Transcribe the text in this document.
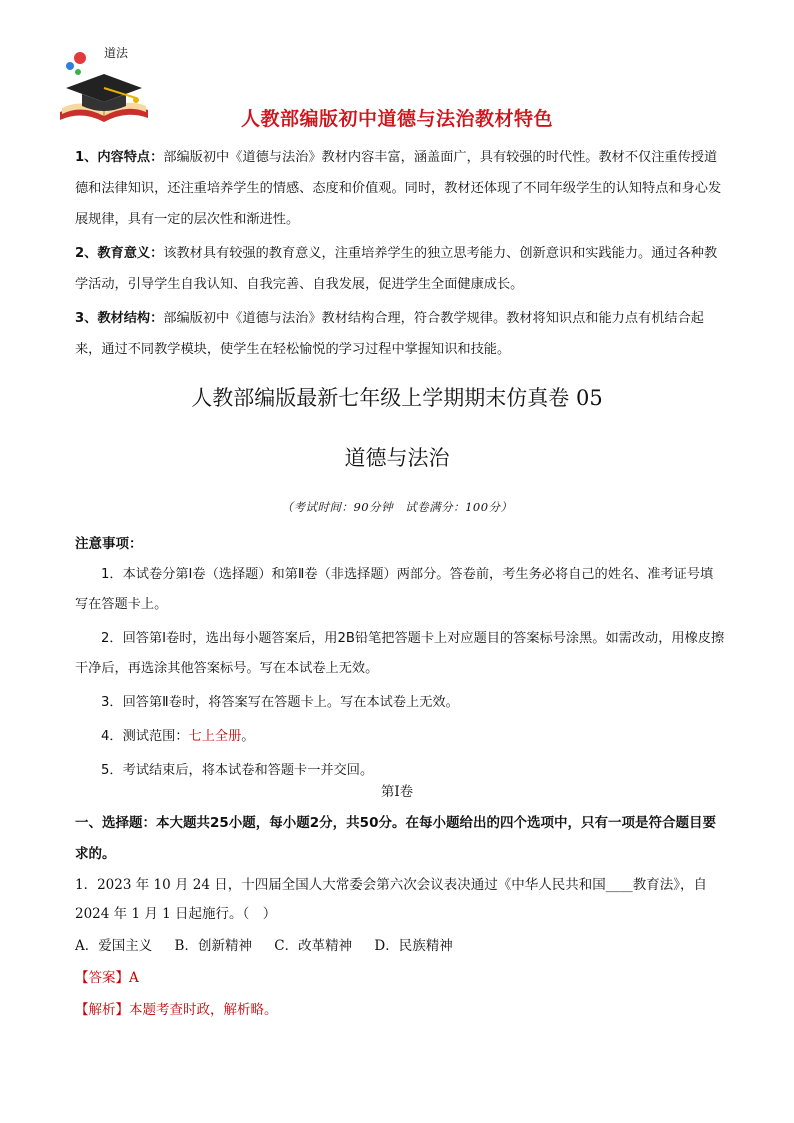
道法
人教部编版初中道德与法治教材特色

1、内容特点：部编版初中《道德与法治》教材内容丰富，涵盖面广，具有较强的时代性。教材不仅注重传授道德和法律知识，还注重培养学生的情感、态度和价值观。同时，教材还体现了不同年级学生的认知特点和身心发展规律，具有一定的层次性和渐进性。

2、教育意义：该教材具有较强的教育意义，注重培养学生的独立思考能力、创新意识和实践能力。通过各种教学活动，引导学生自我认知、自我完善、自我发展，促进学生全面健康成长。

3、教材结构：部编版初中《道德与法治》教材结构合理，符合教学规律。教材将知识点和能力点有机结合起来，通过不同教学模块，使学生在轻松愉悦的学习过程中掌握知识和技能。

人教部编版最新七年级上学期期末仿真卷 05
道德与法治
（考试时间：90分钟　试卷满分：100分）
注意事项：

1．本试卷分第Ⅰ卷（选择题）和第Ⅱ卷（非选择题）两部分。答卷前，考生务必将自己的姓名、准考证号填写在答题卡上。

2．回答第Ⅰ卷时，选出每小题答案后，用2B铅笔把答题卡上对应题目的答案标号涂黑。如需改动，用橡皮擦干净后，再选涂其他答案标号。写在本试卷上无效。

3．回答第Ⅱ卷时，将答案写在答题卡上。写在本试卷上无效。

4．测试范围：七上全册。

5．考试结束后，将本试卷和答题卡一并交回。

第Ⅰ卷
一、选择题：本大题共25小题，每小题2分，共50分。在每小题给出的四个选项中，只有一项是符合题目要求的。
1．2023 年 10 月 24 日，十四届全国人大常委会第六次会议表决通过《中华人民共和国____教育法》，自 2024 年 1 月 1 日起施行。（　）
A．爱国主义 B．创新精神 C．改革精神 D．民族精神
【答案】A
【解析】本题考查时政，解析略。
